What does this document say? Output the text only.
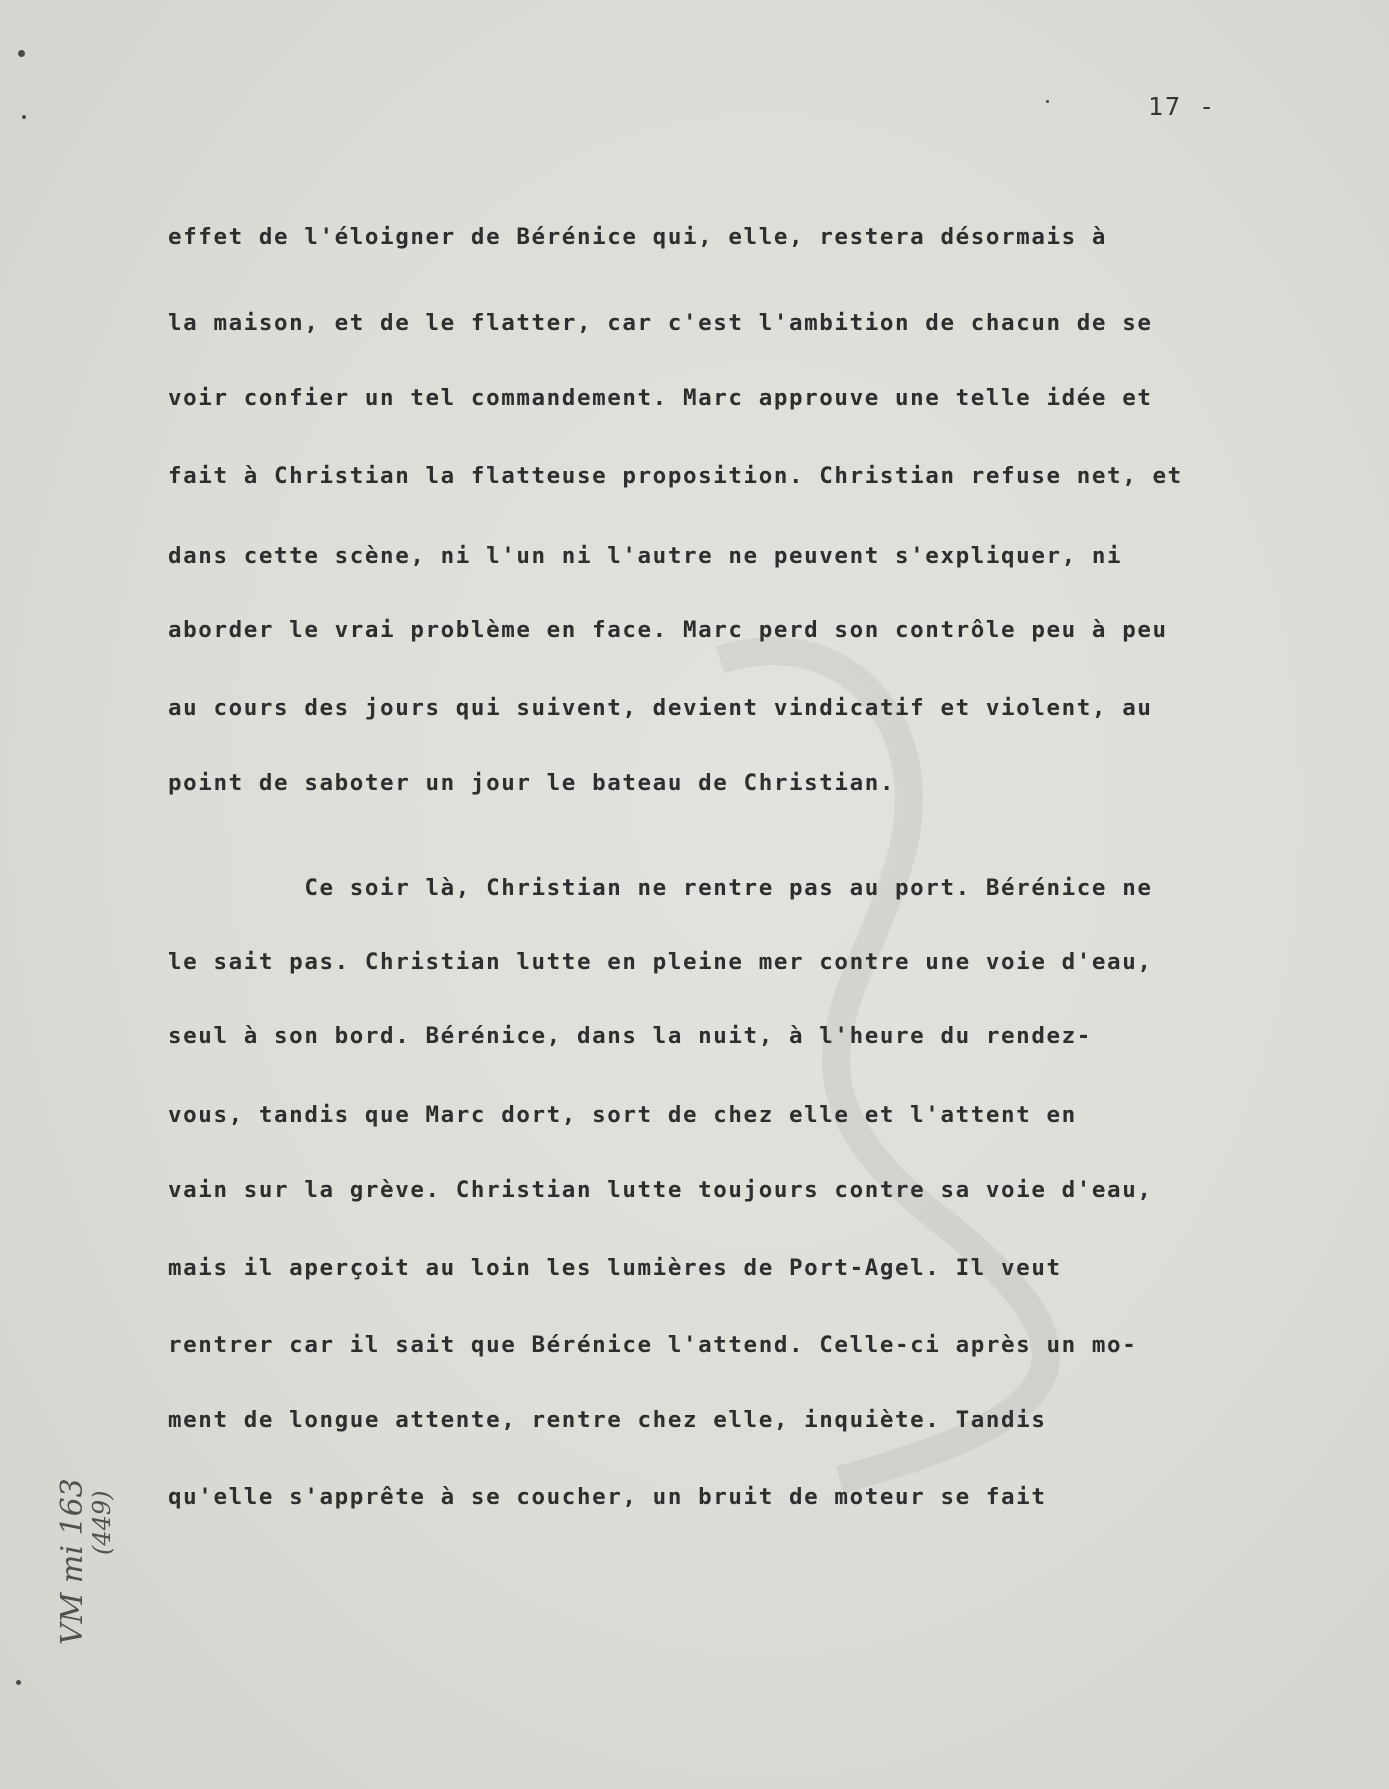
17 -
effet de l'éloigner de Bérénice qui, elle, restera désormais à
la maison, et de le flatter, car c'est l'ambition de chacun de se
voir confier un tel commandement. Marc approuve une telle idée et
fait à Christian la flatteuse proposition. Christian refuse net, et
dans cette scène, ni l'un ni l'autre ne peuvent s'expliquer, ni
aborder le vrai problème en face. Marc perd son contrôle peu à peu
au cours des jours qui suivent, devient vindicatif et violent, au
point de saboter un jour le bateau de Christian.
Ce soir là, Christian ne rentre pas au port. Bérénice ne
le sait pas. Christian lutte en pleine mer contre une voie d'eau,
seul à son bord. Bérénice, dans la nuit, à l'heure du rendez-
vous, tandis que Marc dort, sort de chez elle et l'attent en
vain sur la grève. Christian lutte toujours contre sa voie d'eau,
mais il aperçoit au loin les lumières de Port-Agel. Il veut
rentrer car il sait que Bérénice l'attend. Celle-ci après un mo-
ment de longue attente, rentre chez elle, inquiète. Tandis
qu'elle s'apprête à se coucher, un bruit de moteur se fait
VM mi 163
(449)
